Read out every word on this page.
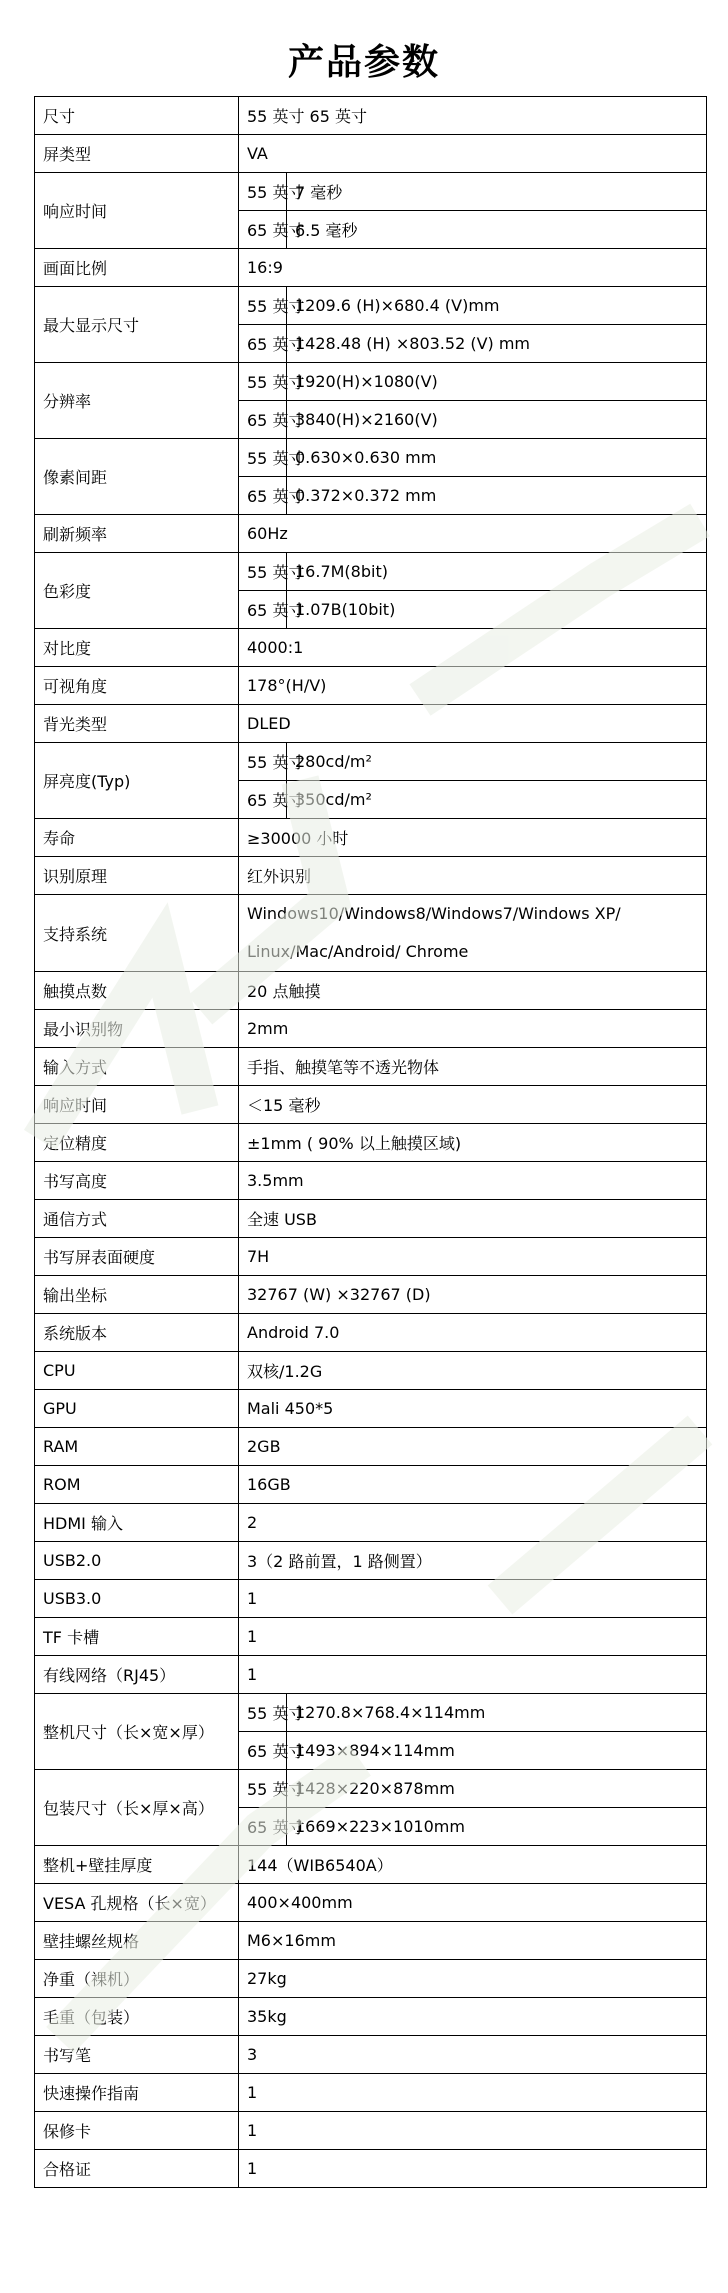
产品参数
尺寸	55 英寸 65 英寸	
屏类型	VA	
响应时间	55 英寸	7 毫秒
	65 英寸	6.5 毫秒
画面比例	16:9	
最大显示尺寸	55 英寸	1209.6 (H)×680.4 (V)mm
	65 英寸	1428.48 (H) ×803.52 (V) mm
分辨率	55 英寸	1920(H)×1080(V)
	65 英寸	3840(H)×2160(V)
像素间距	55 英寸	0.630×0.630 mm
	65 英寸	0.372×0.372 mm
刷新频率	60Hz	
色彩度	55 英寸	16.7M(8bit)
	65 英寸	1.07B(10bit)
对比度	4000:1	
可视角度	178°(H/V)	
背光类型	DLED	
屏亮度(Typ)	55 英寸	280cd/m²
	65 英寸	350cd/m²
寿命	≥30000 小时	
识别原理	红外识别	
支持系统	Windows10/Windows8/Windows7/Windows XP/
Linux/Mac/Android/ Chrome	

触摸点数	20 点触摸	
最小识别物	2mm	
输入方式	手指、触摸笔等不透光物体	
响应时间	＜15 毫秒	
定位精度	±1mm ( 90% 以上触摸区域)	
书写高度	3.5mm	
通信方式	全速 USB	
书写屏表面硬度	7H	
输出坐标	32767 (W) ×32767 (D)	
系统版本	Android 7.0	
CPU	双核/1.2G	
GPU	Mali 450*5	
RAM	2GB	
ROM	16GB	
HDMI 输入	2	
USB2.0	3（2 路前置，1 路侧置）	
USB3.0	1	
TF 卡槽	1	
有线网络（RJ45）	1	
整机尺寸（长×宽×厚）	55 英寸	1270.8×768.4×114mm
	65 英寸	1493×894×114mm
包装尺寸（长×厚×高）	55 英寸	1428×220×878mm
	65 英寸	1669×223×1010mm
整机+壁挂厚度	144（WIB6540A）	
VESA 孔规格（长×宽）	400×400mm	
壁挂螺丝规格	M6×16mm	
净重（裸机）	27kg	
毛重（包装）	35kg	
书写笔	3	
快速操作指南	1	
保修卡	1	
合格证	1	
